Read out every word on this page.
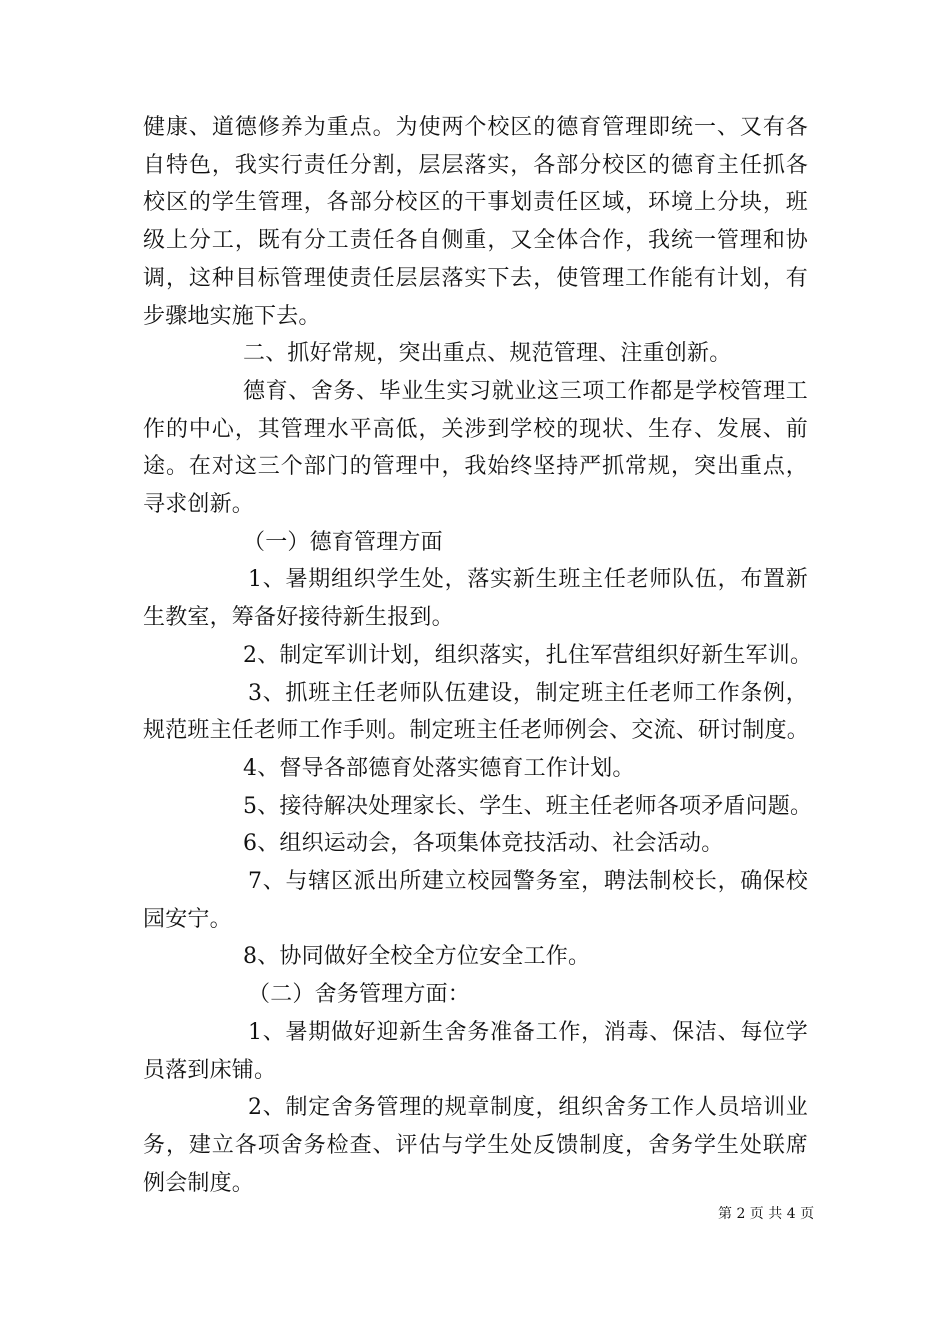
健康、道德修养为重点。为使两个校区的德育管理即统一、又有各
自特色，我实行责任分割，层层落实，各部分校区的德育主任抓各
校区的学生管理，各部分校区的干事划责任区域，环境上分块，班
级上分工，既有分工责任各自侧重，又全体合作，我统一管理和协
调，这种目标管理使责任层层落实下去，使管理工作能有计划，有
步骤地实施下去。
二、抓好常规，突出重点、规范管理、注重创新。
德育、舍务、毕业生实习就业这三项工作都是学校管理工
作的中心，其管理水平高低，关涉到学校的现状、生存、发展、前
途。在对这三个部门的管理中，我始终坚持严抓常规，突出重点，
寻求创新。
（一）德育管理方面
1、暑期组织学生处，落实新生班主任老师队伍，布置新
生教室，筹备好接待新生报到。
2、制定军训计划，组织落实，扎住军营组织好新生军训。
3、抓班主任老师队伍建设，制定班主任老师工作条例，
规范班主任老师工作手则。制定班主任老师例会、交流、研讨制度。
4、督导各部德育处落实德育工作计划。
5、接待解决处理家长、学生、班主任老师各项矛盾问题。
6、组织运动会，各项集体竞技活动、社会活动。
7、与辖区派出所建立校园警务室，聘法制校长，确保校
园安宁。
8、协同做好全校全方位安全工作。
（二）舍务管理方面：
1、暑期做好迎新生舍务准备工作，消毒、保洁、每位学
员落到床铺。
2、制定舍务管理的规章制度，组织舍务工作人员培训业
务，建立各项舍务检查、评估与学生处反馈制度，舍务学生处联席
例会制度。
第 2 页 共 4 页
